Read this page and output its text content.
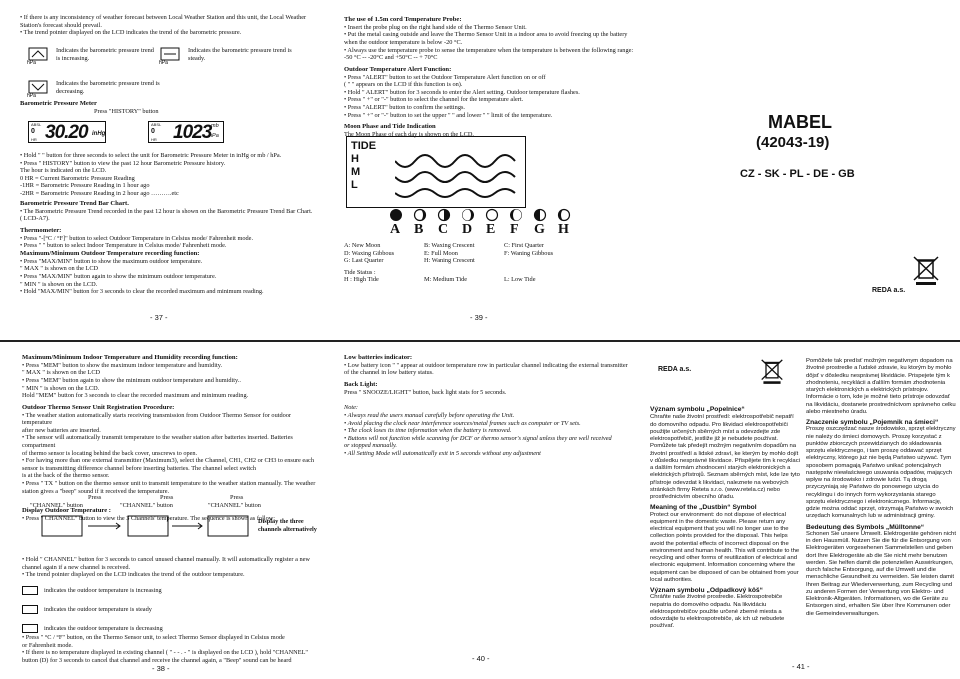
• If there is any inconsistency of weather forecast between Local Weather Station and this unit, the Local Weather Station's forecast should prevail.

• The trend pointer displayed on the LCD indicates the trend of the barometric pressure.

hPa
Indicates the barometric pressure trend is increasing.
hPa
Indicates the barometric pressure trend is steady.
hPa
Indicates the barometric pressure trend is decreasing.
Barometric Pressure Meter
Press "HISTORY" button
ABSL
0
HR 30.20 inHg
ABSL
0
HR 1023 mb
hPa

• Hold " " button for three seconds to select the unit for Barometric Pressure Meter in inHg or mb / hPa.

• Press " HISTORY" button to view the past 12 hour Barometric Pressure history.

The hour is indicated on the LCD.

0 HR = Current Barometric Pressure Reading

-1HR = Barometric Pressure Reading in 1 hour ago

-2HR = Barometric Pressure Reading in 2 hour ago ……….etc

Barometric Pressure Trend Bar Chart.

• The Barometric Pressure Trend recorded in the past 12 hour is shown on the Barometric Pressure Trend Bar Chart.

( LCD-A7).

Thermometer:

• Press "-[°C / °F]" button to select Outdoor Temperature in Celsius mode/ Fahrenheit mode.

• Press " " button to select Indoor Temperature in Celsius mode/ Fahrenheit mode.

Maximum/Minimum Outdoor Temperature recording function:

• Press "MAX/MIN" button to show the maximum outdoor temperature.

" MAX " is shown on the LCD

• Press "MAX/MIN" button again to show the minimum outdoor temperature.

" MIN " is shown on the LCD.

• Hold "MAX/MIN" button for 3 seconds to clear the recorded maximum and minimum reading.

- 37 -
The use of 1.5m cord Temperature Probe:

• Insert the probe plug on the right hand side of the Thermo Sensor Unit.

• Put the metal casing outside and leave the Thermo Sensor Unit in a indoor area to avoid freezing up the battery

when the outdoor temperature is below -20 °C.

• Always use the temperature probe to sense the temperature when the temperature is between the following range:

-50 °C -- -20°C and +50°C -- + 70°C

Outdoor Temperature Alert Function:

• Press "ALERT" button to set the Outdoor Temperature Alert function on or off

( " " appears on the LCD if this function is on).

• Hold " ALERT" button for 3 seconds to enter the Alert setting. Outdoor temperature flashes.

• Press " +" or "-" button to select the channel for the temperature alert.

• Press "ALERT" button to confirm the settings.

• Press " +" or "-" button to set the upper " " and lower " " limit of the temperature.

Moon Phase and Tide Indication
The Moon Phase of each day is shown on the LCD.
TIDE
H
M
L
A B	C D E	F	G H
A: New Moon	B: Waxing Crescent	C: First Quarter
D: Waxing Gibbous	E: Full Moon	F: Waning Gibbous
G: Last Quarter	H: Waning Crescent
Tide Status :
H : High Tide	M: Medium Tide	L: Low Tide
- 39 -
MABEL
(42043-19)
CZ - SK - PL - DE - GB
REDA a.s.
Maximum/Minimum Indoor Temperature and Humidity recording function:

• Press "MEM" button to show the maximum indoor temperature and humidity.

" MAX " is shown on the LCD

• Press "MEM" button again to show the minimum outdoor temperature and humidity..

" MIN " is shown on the LCD.

Hold "MEM" button for 3 seconds to clear the recorded maximum and minimum reading.

Outdoor Thermo Sensor Unit Registration Procedure:

• The weather station automatically starts receiving transmission from Outdoor Thermo Sensor for outdoor temperature

after new batteries are inserted.

• The sensor will automatically transmit temperature to the weather station after batteries inserted. Batteries compartment

of thermo sensor is locating behind the back cover, unscrews to open.

• For having more than one external transmitter (Maximum3), select the Channel, CH1, CH2 or CH3 to ensure each

sensor is transmitting difference channel before inserting batteries. The channel select switch

is at the back of the thermo sensor.

• Press " TX " button on the thermo sensor unit to transmit temperature to the weather station manually. The weather

station gives a "beep" sound if it received the temperature.

Display Outdoor Temperature :
• Press " CHANNEL" button to view the 3 Channels' temperature. The sequence is shown as follow:
Press	Press	Press
"CHANNEL" button	"CHANNEL" button	"CHANNEL" button
Display the three
channels alternatively

• Hold " CHANNEL" button for 3 seconds to cancel unused channel manually. It will automatically register a new

channel again if a new channel is received.

• The trend pointer displayed on the LCD indicates the trend of the outdoor temperature.

indicates the outdoor temperature is increasing
indicates the outdoor temperature is steady
indicates the outdoor temperature is decreasing

• Press " °C / °F" button, on the Thermo Sensor unit, to select Thermo Sensor displayed in Celsius mode

or Fahrenheit mode.

• If there is no temperature displayed in existing channel ( " - - . - " is displayed on the LCD ), hold "CHANNEL"

button (D) for 3 seconds to cancel that channel and receive the channel again, a "Beep" sound can be heard

- 38 -
Low batteries indicator:

• Low battery icon " " appear at outdoor temperature row in particular channel indicating the external transmitter

of the channel in low battery status.

Back Light:
Press " SNOOZE/LIGHT" button, back light stats for 5 seconds.

Note:

• Always read the users manual carefully before operating the Unit.

• Avoid placing the clock near interference sources/metal frames such as computer or TV sets.

• The clock loses its time information when the battery is removed.

• Buttons will not function while scanning for DCF or thermo sensor's signal unless they are well received

or stopped manually.

• All Setting Mode will automatically exit in 5 seconds without any adjustment

- 40 -
REDA a.s.
Význam symbolu „Popelnice“
Chraňte naše životní prostředí: elektrospotřebič nepatří do domovního odpadu. Pro likvidaci elektrospotřebiči použijte určených sběrných míst a odevzdejte zde elektrospotřebič, jestliže již je nebudete používat. Pomůžete tak předejít možným negativním dopadům na životní prostředí a lidské zdraví, ke kterým by mohlo dojít v důsledku nesprávné likvidace. Přispějete tím k recyklaci a dalším formám zhodnocení starých elektronických a elektrických přístrojů. Seznam sběrných míst, kde lze tyto přístroje odevzdat k likvidaci, naleznete na webových stránkách firmy Reteta s.r.o. (www.retela.cz) nebo prostřednictvím obecního úřadu.
Meaning of the „Dustbin“ Symbol
Protect our environment: do not dispose of electrical equipment in the domestic waste. Please return any electrical equipment that you will no longer use to the collection points provided for the disposal. This helps avoid the potential effects of incorrect disposal on the environment and human health. This will contribute to the recycling and other forms of reutilization of electrical and electronic equipment. Information concerning where the equipment can be disposed of can be obtained from your local authorities.
Význam symbolu „Odpadkový kôš“
Chráňte naše životné prostredie. Elektrospotrebiče nepatria do domového odpadu. Na likvidáciu elektrospotrebičov použite určené zberné miesta a odovzdajte tu elektrospotrebiče, ak ich už nebudete používať.
Pomôžete tak predísť možným negatívnym dopadom na životné prostredie a ľudské zdravie, ku ktorým by mohlo dôjsť v dôsledku nesprávnej likvidácie. Prispejete tým k zhodnoteniu, recyklácii a ďalším formám zhodnotenia starých elektronických a elektrických prístrojov. Informácie o tom, kde je možné tieto prístroje odovzdať na likvidáciu, dostanete prostredníctvom správneho celku alebo miestneho úradu.
Znaczenie symbolu „Pojemnik na śmieci“
Proszę oszczędzać nasze środowisko, sprzęt elektryczny nie należy do śmieci domowych. Proszę korzystać z punktów zbiorczych przewidzianych do składowania sprzętu elektrycznego, i tam proszę oddawać sprzęt elektryczny, którego już nie będą Państwo używać. Tym sposobem pomagają Państwo unikać potencjalnych następstw niewłaściwego usuwania odpadów, mających wpływ na środowisko i zdrowie ludzi. Tą drogą przyczyniają się Państwo do ponownego użycia do recyklingu i do innych form wykorzystania starego sprzętu elektrycznego i elektronicznego. Informację, gdzie można oddać sprzęt, otrzymają Państwo w swoich urzędach komunalnych lub w administracji gminy.
Bedeutung des Symbols „Mülltonne“
Schonen Sie unsere Umwelt. Elektrogeräte gehören nicht in den Hausmüll. Nutzen Sie die für die Entsorgung von Elektrogeräten vorgesehenen Sammelstellen und geben dort Ihre Elektrogeräte ab die Sie nicht mehr benutzen werden. Sie helfen damit die potenziellen Auswirkungen, durch falsche Entsorgung, auf die Umwelt und die menschliche Gesundheit zu vermeiden. Sie leisten damit Ihren Beitrag zur Wiederverwertung, zum Recycling und zu anderen Formen der Verwertung von Elektro- und Elektronik-Altgeräten. Informationen, wo die Geräte zu Entsorgen sind, erhalten Sie über Ihre Kommunen oder die Gemeindeverwaltungen.
- 41 -
